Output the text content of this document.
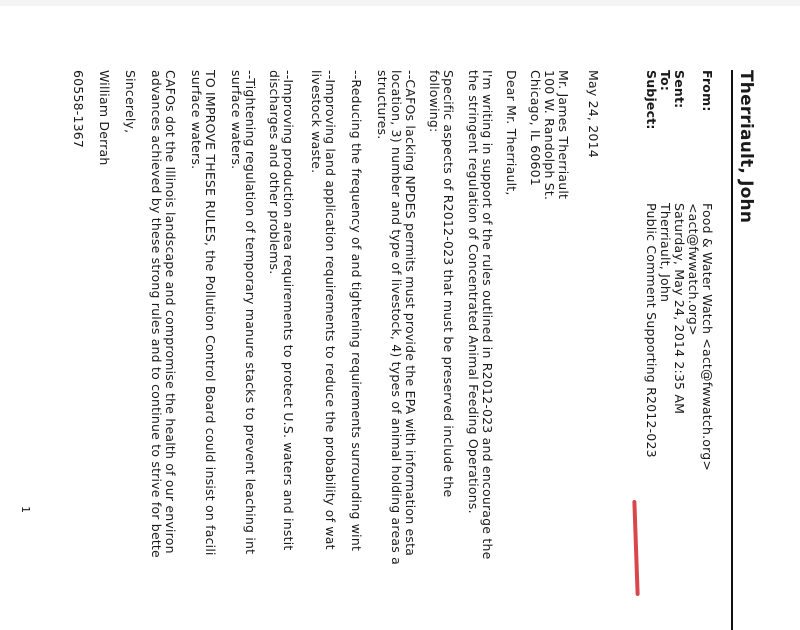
Therriault, John
From:
Food & Water Watch <act@fwwatch.org>
<act@fwwatch.org>
Sent:
Saturday, May 24, 2014 2:35 AM
To:
Therriault, John
Subject:
Public Comment Supporting R2012-023
May 24, 2014
Mr. James Therriault
100 W. Randolph St.
Chicago, IL 60601
Dear Mr. Therriault,
I'm writing in support of the rules outlined in R2012-023 and encourage the
the stringent regulation of Concentrated Animal Feeding Operations.
Specific aspects of R2012-023 that must be preserved include the
following:
--CAFOs lacking NPDES permits must provide the EPA with information esta
location, 3) number and type of livestock, 4) types of animal holding areas a
structures.
--Reducing the frequency of and tightening requirements surrounding wint
--Improving land application requirements to reduce the probability of wat
livestock waste.
--Improving production area requirements to protect U.S. waters and instit
discharges and other problems.
--Tightening regulation of temporary manure stacks to prevent leaching int
surface waters.
TO IMPROVE THESE RULES, the Pollution Control Board could insist on facili
surface waters.
CAFOs dot the Illinois landscape and compromise the health of our environ
advances achieved by these strong rules and to continue to strive for bette
Sincerely,
William Derrah
60558-1367
1
